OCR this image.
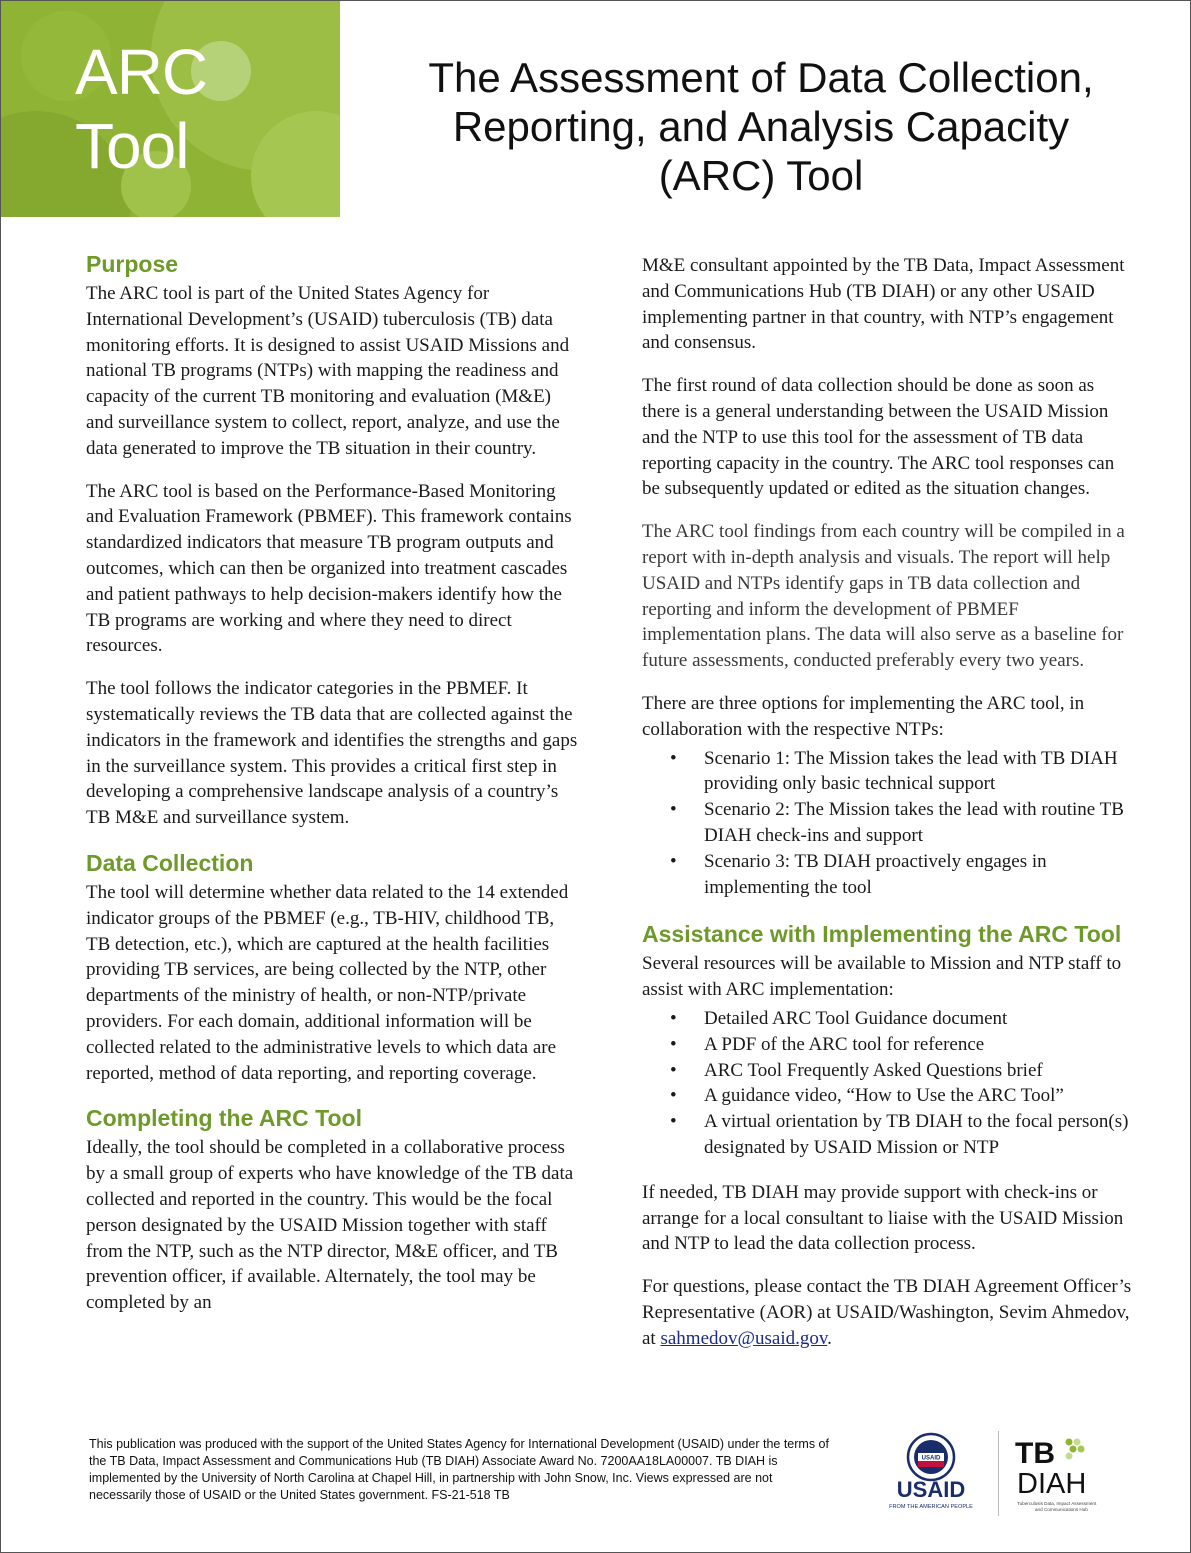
ARC
Tool
The Assessment of Data Collection,
Reporting, and Analysis Capacity
(ARC) Tool
Purpose

The ARC tool is part of the United States Agency for International Development’s (USAID) tuberculosis (TB) data monitoring efforts. It is designed to assist USAID Missions and national TB programs (NTPs) with mapping the readiness and capacity of the current TB monitoring and evaluation (M&E) and surveillance system to collect, report, analyze, and use the data generated to improve the TB situation in their country.

The ARC tool is based on the Performance-Based Monitoring and Evaluation Framework (PBMEF). This framework contains standardized indicators that measure TB program outputs and outcomes, which can then be organized into treatment cascades and patient pathways to help decision-makers identify how the TB programs are working and where they need to direct resources.

The tool follows the indicator categories in the PBMEF. It systematically reviews the TB data that are collected against the indicators in the framework and identifies the strengths and gaps in the surveillance system. This provides a critical first step in developing a comprehensive landscape analysis of a country’s TB M&E and surveillance system.

Data Collection

The tool will determine whether data related to the 14 extended indicator groups of the PBMEF (e.g., TB-HIV, childhood TB, TB detection, etc.), which are captured at the health facilities providing TB services, are being collected by the NTP, other departments of the ministry of health, or non-NTP/private providers. For each domain, additional information will be collected related to the administrative levels to which data are reported, method of data reporting, and reporting coverage.

Completing the ARC Tool

Ideally, the tool should be completed in a collaborative process by a small group of experts who have knowledge of the TB data collected and reported in the country. This would be the focal person designated by the USAID Mission together with staff from the NTP, such as the NTP director, M&E officer, and TB prevention officer, if available. Alternately, the tool may be completed by an

M&E consultant appointed by the TB Data, Impact Assessment and Communications Hub (TB DIAH) or any other USAID implementing partner in that country, with NTP’s engagement and consensus.

The first round of data collection should be done as soon as there is a general understanding between the USAID Mission and the NTP to use this tool for the assessment of TB data reporting capacity in the country. The ARC tool responses can be subsequently updated or edited as the situation changes.

The ARC tool findings from each country will be compiled in a report with in-depth analysis and visuals. The report will help USAID and NTPs identify gaps in TB data collection and reporting and inform the development of PBMEF implementation plans. The data will also serve as a baseline for future assessments, conducted preferably every two years.

There are three options for implementing the ARC tool, in collaboration with the respective NTPs:

• Scenario 1: The Mission takes the lead with TB DIAH providing only basic technical support
• Scenario 2: The Mission takes the lead with routine TB DIAH check-ins and support
• Scenario 3: TB DIAH proactively engages in implementing the tool
Assistance with Implementing the ARC Tool

Several resources will be available to Mission and NTP staff to assist with ARC implementation:

• Detailed ARC Tool Guidance document
• A PDF of the ARC tool for reference
• ARC Tool Frequently Asked Questions brief
• A guidance video, “How to Use the ARC Tool”
• A virtual orientation by TB DIAH to the focal person(s) designated by USAID Mission or NTP

If needed, TB DIAH may provide support with check-ins or arrange for a local consultant to liaise with the USAID Mission and NTP to lead the data collection process.

For questions, please contact the TB DIAH Agreement Officer’s Representative (AOR) at USAID/Washington, Sevim Ahmedov, at sahmedov@usaid.gov.

This publication was produced with the support of the United States Agency for International Development (USAID) under the terms of the TB Data, Impact Assessment and Communications Hub (TB DIAH) Associate Award No. 7200AA18LA00007. TB DIAH is implemented by the University of North Carolina at Chapel Hill, in partnership with John Snow, Inc. Views expressed are not necessarily those of USAID or the United States government. FS-21-518 TB
USAID
USAID
FROM THE AMERICAN PEOPLE
TB
DIAH
Tuberculosis Data, Impact Assessment
and Communications Hub
